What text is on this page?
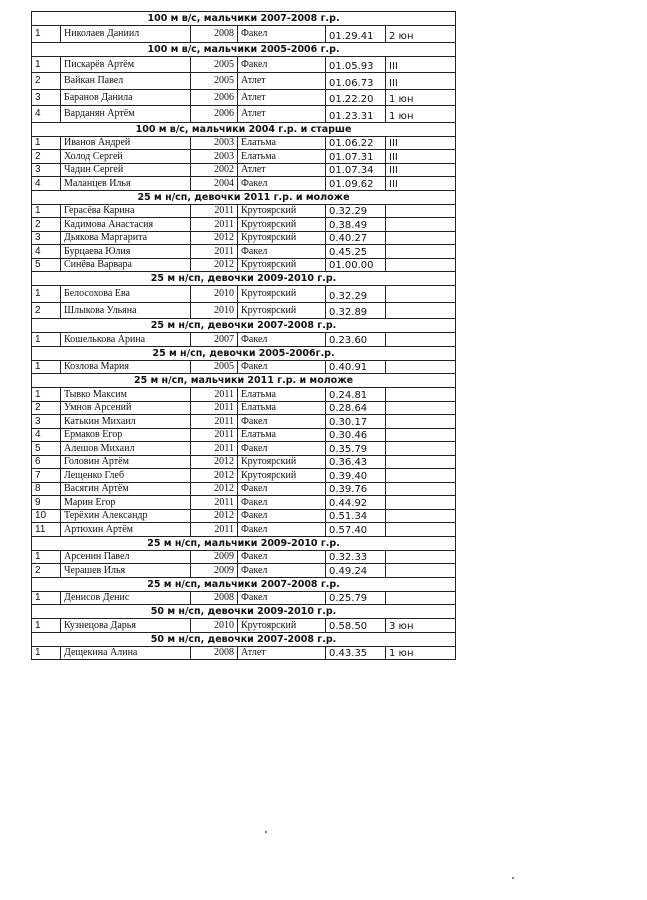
100 м в/с, мальчики 2007-2008 г.р.					
1	Николаев Даниил	2008	Факел	01.29.41	2 юн
100 м в/с, мальчики 2005-2006 г.р.					
1	Пискарёв Артём	2005	Факел	01.05.93	III
2	Вайкан Павел	2005	Атлет	01.06.73	III
3	Баранов Данила	2006	Атлет	01.22.20	1 юн
4	Варданян Артём	2006	Атлет	01.23.31	1 юн
100 м в/с, мальчики 2004 г.р. и старше					
1	Иванов Андрей	2003	Елатьма	01.06.22	III
2	Холод Сергей	2003	Елатьма	01.07.31	III
3	Чадин Сергей	2002	Атлет	01.07.34	III
4	Маланцев Илья	2004	Факел	01.09.62	III
25 м н/сп, девочки 2011 г.р. и моложе					
1	Герасёва Карина	2011	Крутоярский	0.32.29	
2	Кадимова Анастасия	2011	Крутоярский	0.38.49	
3	Дьякова Маргарита	2012	Крутоярский	0.40.27	
4	Бурцаева Юлия	2011	Факел	0.45.25	
5	Синёва Варвара	2012	Крутоярский	01.00.00	
25 м н/сп, девочки 2009-2010 г.р.					
1	Белосохова Ева	2010	Крутоярский	0.32.29	
2	Шлыкова Ульяна	2010	Крутоярский	0.32.89	
25 м н/сп, девочки 2007-2008 г.р.					
1	Кошелькова Арина	2007	Факел	0.23.60	
25 м н/сп, девочки 2005-2006г.р.					
1	Козлова Мария	2005	Факел	0.40.91	
25 м н/сп, мальчики 2011 г.р. и моложе					
1	Тывко Максим	2011	Елатьма	0.24.81	
2	Умнов Арсений	2011	Елатьма	0.28.64	
3	Катькин Михаил	2011	Факел	0.30.17	
4	Ермаков Егор	2011	Елатьма	0.30.46	
5	Алешов Михаил	2011	Факел	0.35.79	
6	Головин Артём	2012	Крутоярский	0.36.43	
7	Лещенко Глеб	2012	Крутоярский	0.39.40	
8	Васягин Артём	2012	Факел	0.39.76	
9	Марин Егор	2011	Факел	0.44.92	
10	Терёхин Александр	2012	Факел	0.51.34	
11	Артюхин Артём	2011	Факел	0.57.40	
25 м н/сп, мальчики 2009-2010 г.р.					
1	Арсенин Павел	2009	Факел	0.32.33	
2	Черашев Илья	2009	Факел	0.49.24	
25 м н/сп, мальчики 2007-2008 г.р.					
1	Денисов Денис	2008	Факел	0.25.79	
50 м н/сп, девочки 2009-2010 г.р.					
1	Кузнецова Дарья	2010	Крутоярский	0.58.50	3 юн
50 м н/сп, девочки 2007-2008 г.р.					
1	Дещекина Алина	2008	Атлет	0.43.35	1 юн
